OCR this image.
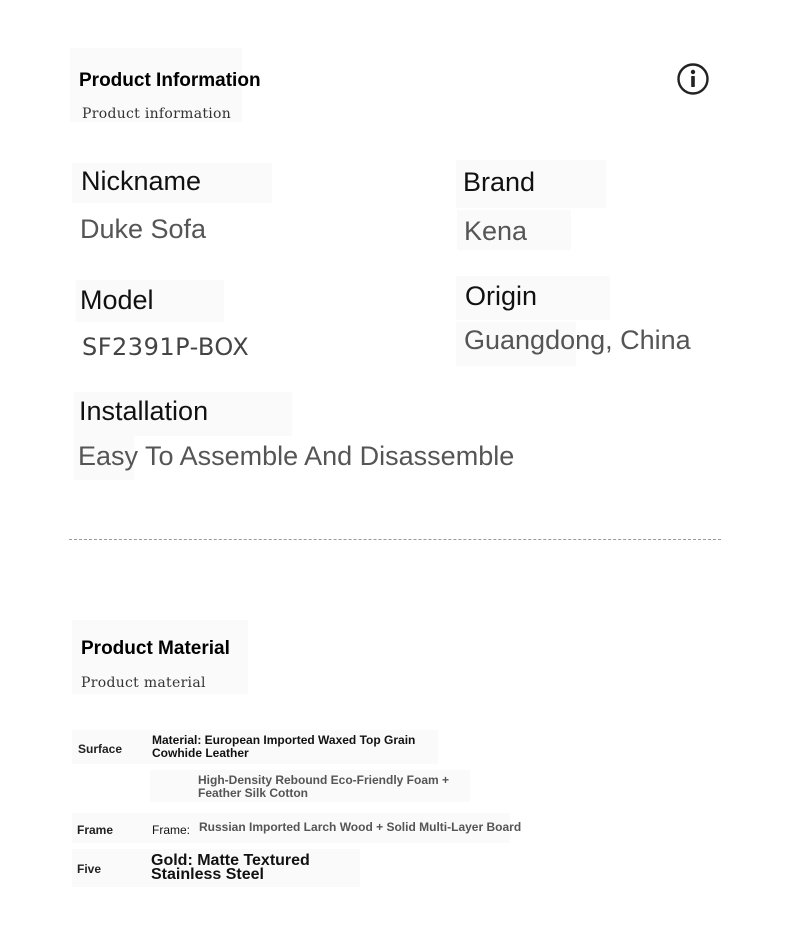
Product Information
Product information
Nickname
Duke Sofa
Brand
Kena
Model
SF2391P-BOX
Origin
Guangdong, China
Installation
Easy To Assemble And Disassemble
Product Material
Product material
Surface
Material: European Imported Waxed Top Grain Cowhide Leather
High-Density Rebound Eco-Friendly Foam + Feather Silk Cotton
Frame	Frame: Russian Imported Larch Wood + Solid Multi-Layer Board
Five	Gold: Matte Textured Stainless Steel
